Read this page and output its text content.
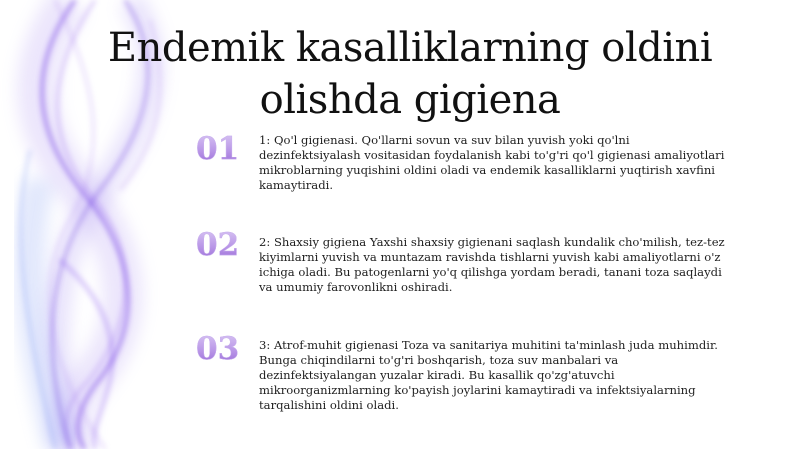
Endemik kasalliklarning oldini olishda gigiena
01	1: Qo'l gigienasi. Qo'llarni sovun va suv bilan yuvish yoki qo'lni dezinfektsiyalash vositasidan foydalanish kabi to'g'ri qo'l gigienasi amaliyotlari mikroblarning yuqishini oldini oladi va endemik kasalliklarni yuqtirish xavfini kamaytiradi.
02	2: Shaxsiy gigiena Yaxshi shaxsiy gigienani saqlash kundalik cho'milish, tez-tez kiyimlarni yuvish va muntazam ravishda tishlarni yuvish kabi amaliyotlarni o'z ichiga oladi. Bu patogenlarni yo'q qilishga yordam beradi, tanani toza saqlaydi va umumiy farovonlikni oshiradi.
03	3: Atrof-muhit gigienasi Toza va sanitariya muhitini ta'minlash juda muhimdir. Bunga chiqindilarni to'g'ri boshqarish, toza suv manbalari va dezinfektsiyalangan yuzalar kiradi. Bu kasallik qo'zg'atuvchi mikroorganizmlarning ko'payish joylarini kamaytiradi va infektsiyalarning tarqalishini oldini oladi.
